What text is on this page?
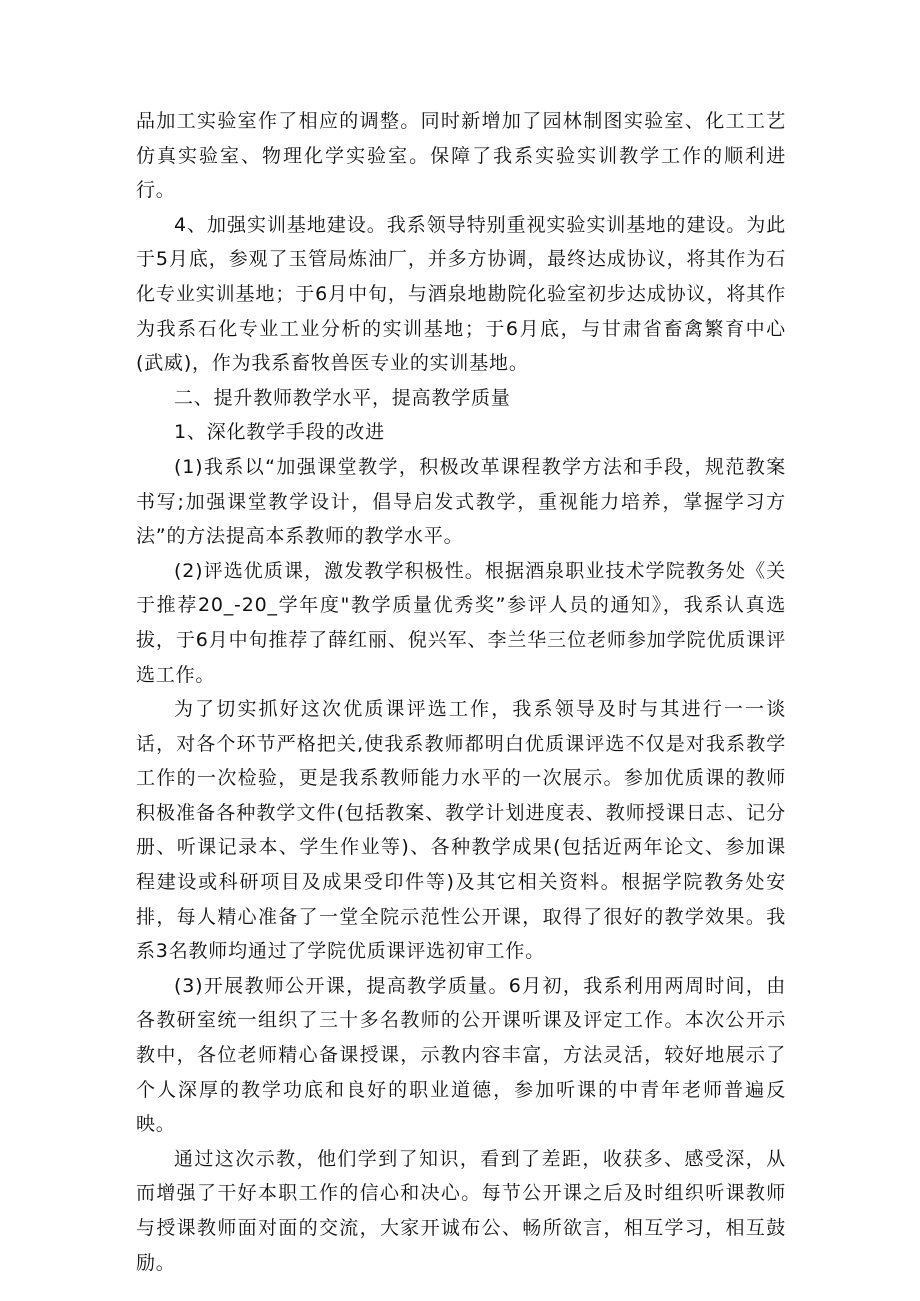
品加工实验室作了相应的调整。同时新增加了园林制图实验室、化工工艺仿真实验室、物理化学实验室。保障了我系实验实训教学工作的顺利进行。

4、加强实训基地建设。我系领导特别重视实验实训基地的建设。为此于5月底，参观了玉管局炼油厂，并多方协调，最终达成协议，将其作为石化专业实训基地；于6月中旬，与酒泉地勘院化验室初步达成协议，将其作为我系石化专业工业分析的实训基地；于6月底，与甘肃省畜禽繁育中心(武威)，作为我系畜牧兽医专业的实训基地。

二、提升教师教学水平，提高教学质量

1、深化教学手段的改进

(1)我系以“加强课堂教学，积极改革课程教学方法和手段，规范教案书写;加强课堂教学设计，倡导启发式教学，重视能力培养，掌握学习方法”的方法提高本系教师的教学水平。

(2)评选优质课，激发教学积极性。根据酒泉职业技术学院教务处《关于推荐20_-20_学年度"教学质量优秀奖”参评人员的通知》，我系认真选拔，于6月中旬推荐了薛红丽、倪兴军、李兰华三位老师参加学院优质课评选工作。

为了切实抓好这次优质课评选工作，我系领导及时与其进行一一谈话，对各个环节严格把关,使我系教师都明白优质课评选不仅是对我系教学工作的一次检验，更是我系教师能力水平的一次展示。参加优质课的教师积极准备各种教学文件(包括教案、教学计划进度表、教师授课日志、记分册、听课记录本、学生作业等)、各种教学成果(包括近两年论文、参加课程建设或科研项目及成果受印件等)及其它相关资料。根据学院教务处安排，每人精心准备了一堂全院示范性公开课，取得了很好的教学效果。我系3名教师均通过了学院优质课评选初审工作。

(3)开展教师公开课，提高教学质量。6月初，我系利用两周时间，由各教研室统一组织了三十多名教师的公开课听课及评定工作。本次公开示教中，各位老师精心备课授课，示教内容丰富，方法灵活，较好地展示了个人深厚的教学功底和良好的职业道德，参加听课的中青年老师普遍反映。

通过这次示教，他们学到了知识，看到了差距，收获多、感受深，从而增强了干好本职工作的信心和决心。每节公开课之后及时组织听课教师与授课教师面对面的交流，大家开诚布公、畅所欲言，相互学习，相互鼓励。
